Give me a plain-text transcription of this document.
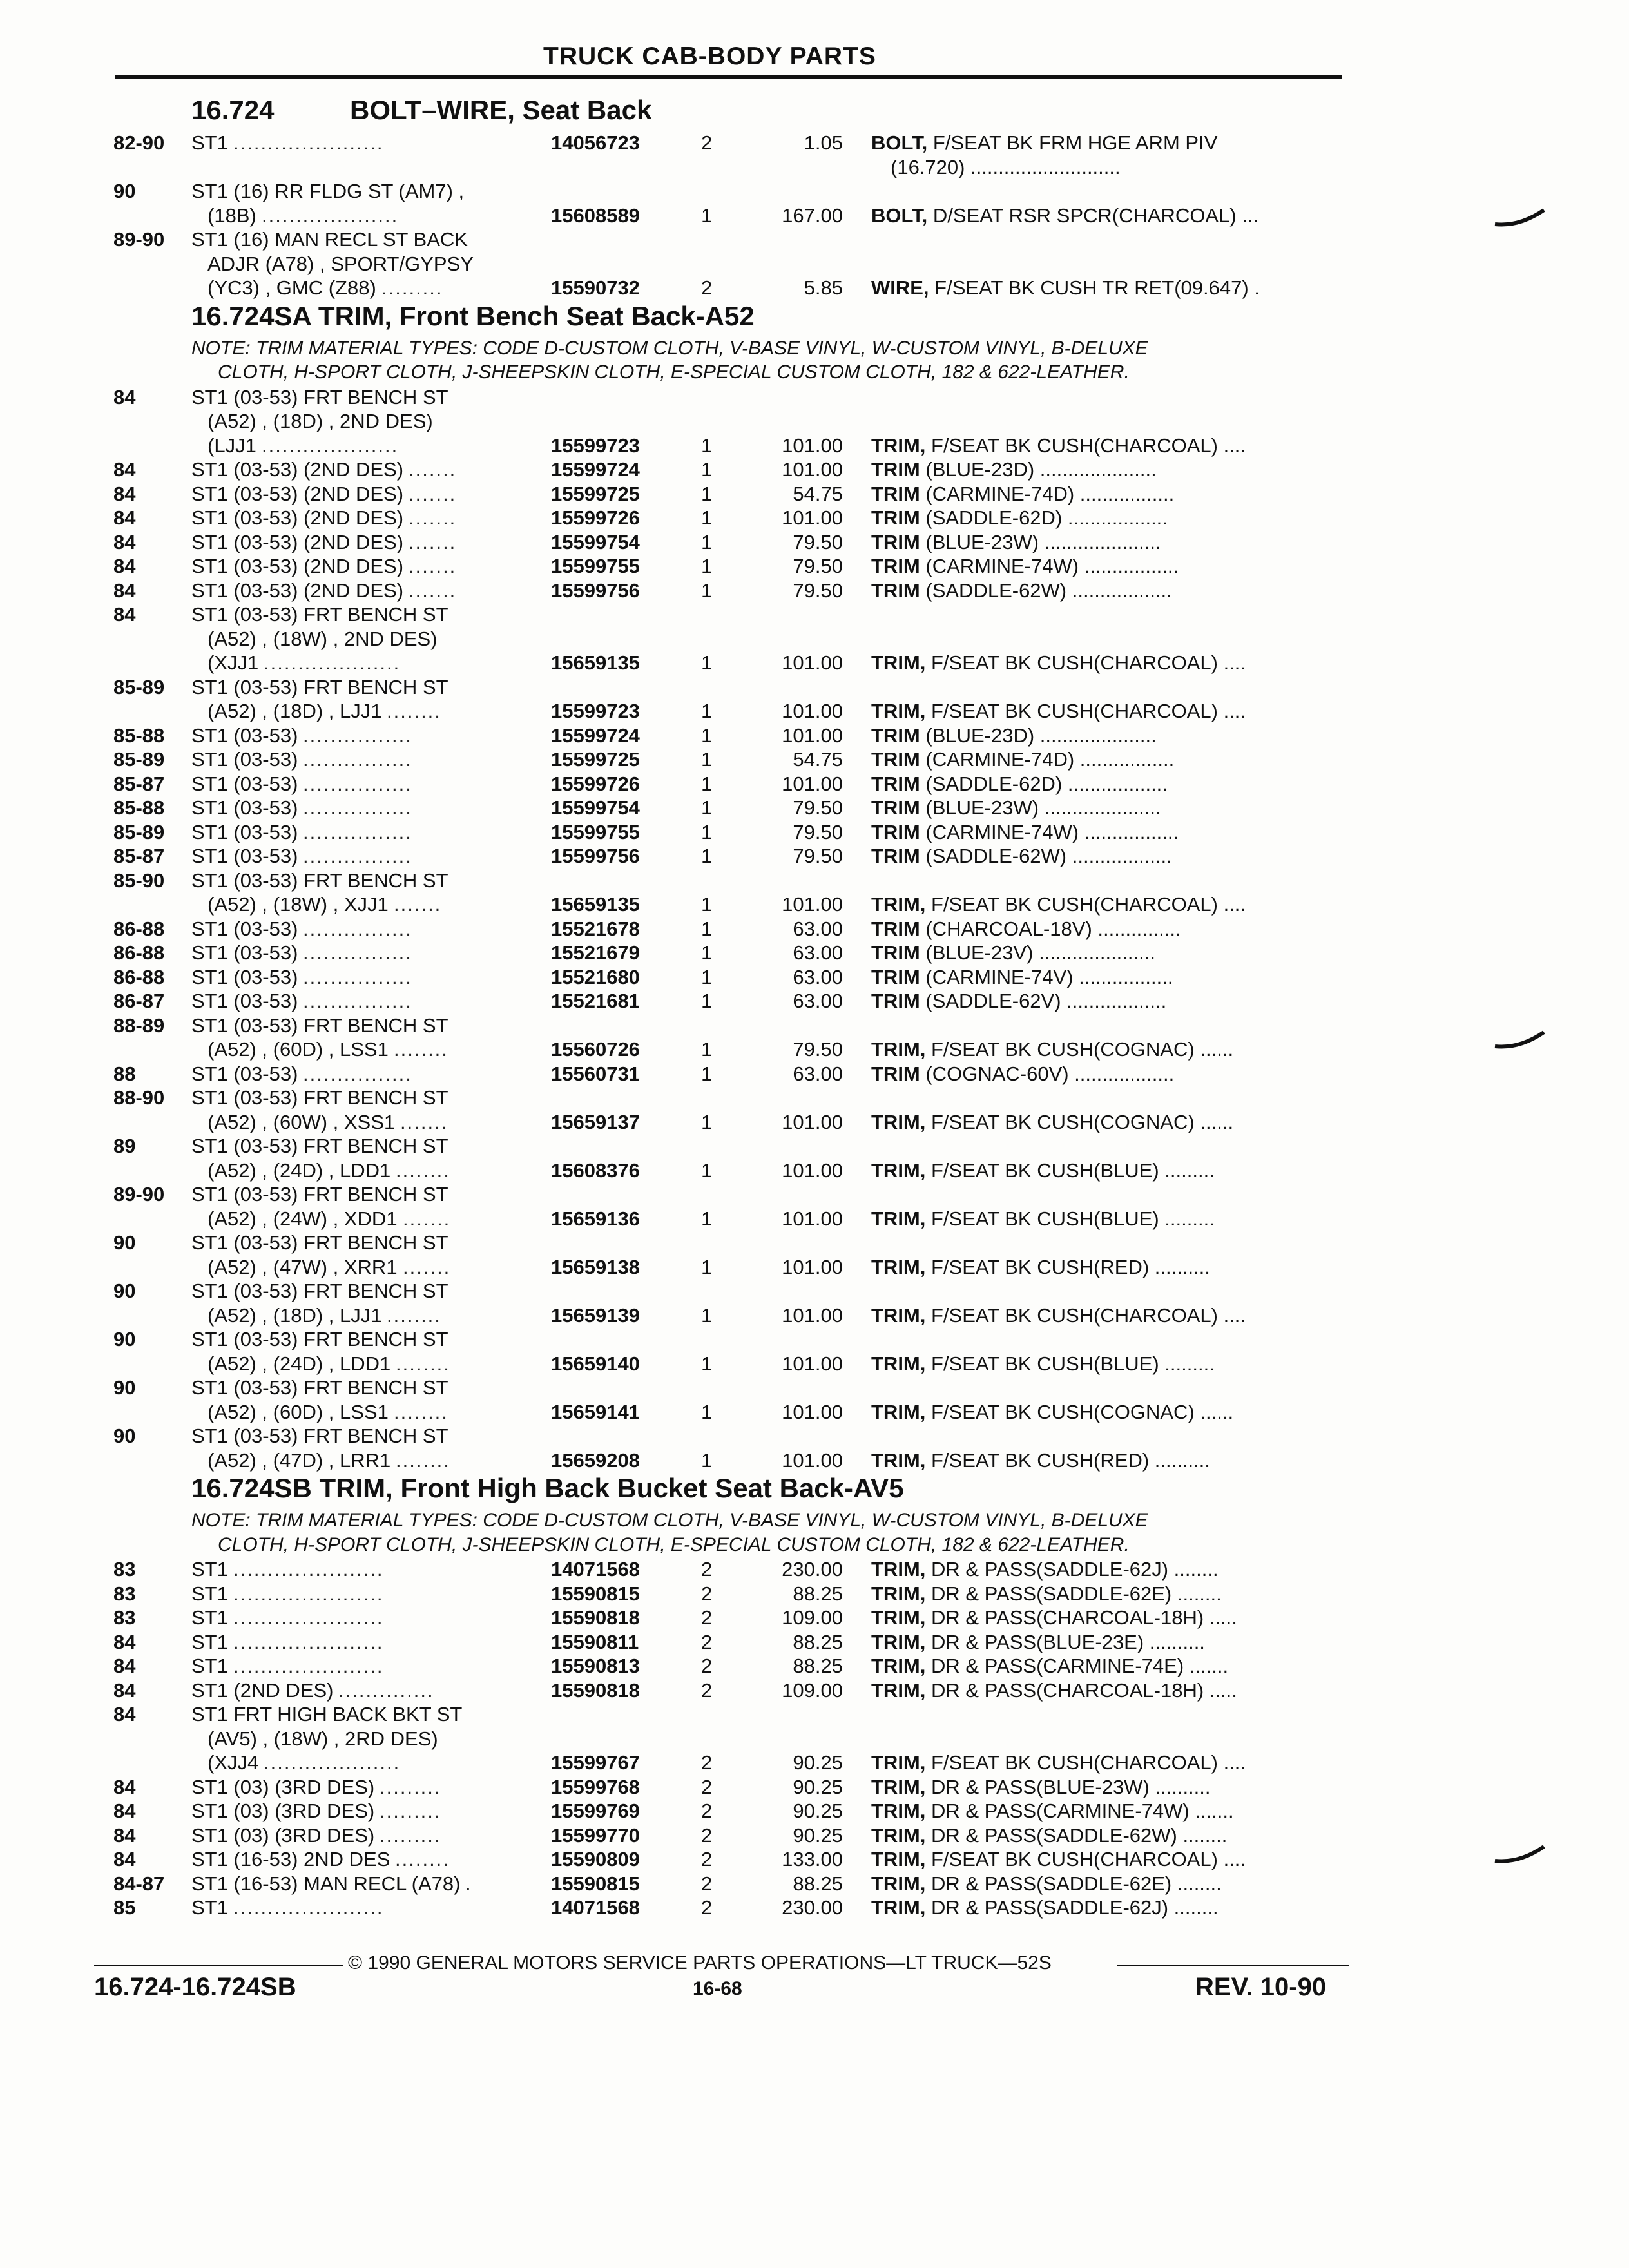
TRUCK CAB-BODY PARTS
16.724	BOLT–WIRE, Seat Back
82-90 ST1 ......................	14056723	2	1.05 BOLT, F/SEAT BK FRM HGE ARM PIV
(16.720) ...........................
90	ST1 (16) RR FLDG ST (AM7) ,
(18B) ....................	15608589	1	167.00 BOLT, D/SEAT RSR SPCR(CHARCOAL) ...
89-90 ST1 (16) MAN RECL ST BACK
ADJR (A78) , SPORT/GYPSY
(YC3) , GMC (Z88) .........	15590732	2	5.85 WIRE, F/SEAT BK CUSH TR RET(09.647) .
16.724SA TRIM, Front Bench Seat Back-A52
NOTE: TRIM MATERIAL TYPES: CODE D-CUSTOM CLOTH, V-BASE VINYL, W-CUSTOM VINYL, B-DELUXE
CLOTH, H-SPORT CLOTH, J-SHEEPSKIN CLOTH, E-SPECIAL CUSTOM CLOTH, 182 & 622-LEATHER.
84	ST1 (03-53) FRT BENCH ST
(A52) , (18D) , 2ND DES)
(LJJ1 ....................	15599723	1	101.00 TRIM, F/SEAT BK CUSH(CHARCOAL) ....
84	ST1 (03-53) (2ND DES) .......	15599724	1	101.00 TRIM (BLUE-23D) .....................
84	ST1 (03-53) (2ND DES) .......	15599725	1	54.75 TRIM (CARMINE-74D) .................
84	ST1 (03-53) (2ND DES) .......	15599726	1	101.00 TRIM (SADDLE-62D) ..................
84	ST1 (03-53) (2ND DES) .......	15599754	1	79.50 TRIM (BLUE-23W) .....................
84	ST1 (03-53) (2ND DES) .......	15599755	1	79.50 TRIM (CARMINE-74W) .................
84	ST1 (03-53) (2ND DES) .......	15599756	1	79.50 TRIM (SADDLE-62W) ..................
84	ST1 (03-53) FRT BENCH ST
(A52) , (18W) , 2ND DES)
(XJJ1 ....................	15659135	1	101.00 TRIM, F/SEAT BK CUSH(CHARCOAL) ....
85-89 ST1 (03-53) FRT BENCH ST
(A52) , (18D) , LJJ1 ........	15599723	1	101.00 TRIM, F/SEAT BK CUSH(CHARCOAL) ....
85-88 ST1 (03-53) ................	15599724	1	101.00 TRIM (BLUE-23D) .....................
85-89 ST1 (03-53) ................	15599725	1	54.75 TRIM (CARMINE-74D) .................
85-87 ST1 (03-53) ................	15599726	1	101.00 TRIM (SADDLE-62D) ..................
85-88 ST1 (03-53) ................	15599754	1	79.50 TRIM (BLUE-23W) .....................
85-89 ST1 (03-53) ................	15599755	1	79.50 TRIM (CARMINE-74W) .................
85-87 ST1 (03-53) ................	15599756	1	79.50 TRIM (SADDLE-62W) ..................
85-90 ST1 (03-53) FRT BENCH ST
(A52) , (18W) , XJJ1 .......	15659135	1	101.00 TRIM, F/SEAT BK CUSH(CHARCOAL) ....
86-88 ST1 (03-53) ................	15521678	1	63.00 TRIM (CHARCOAL-18V) ...............
86-88 ST1 (03-53) ................	15521679	1	63.00 TRIM (BLUE-23V) .....................
86-88 ST1 (03-53) ................	15521680	1	63.00 TRIM (CARMINE-74V) .................
86-87 ST1 (03-53) ................	15521681	1	63.00 TRIM (SADDLE-62V) ..................
88-89 ST1 (03-53) FRT BENCH ST
(A52) , (60D) , LSS1 ........	15560726	1	79.50 TRIM, F/SEAT BK CUSH(COGNAC) ......
88	ST1 (03-53) ................	15560731	1	63.00 TRIM (COGNAC-60V) ..................
88-90 ST1 (03-53) FRT BENCH ST
(A52) , (60W) , XSS1 .......	15659137	1	101.00 TRIM, F/SEAT BK CUSH(COGNAC) ......
89	ST1 (03-53) FRT BENCH ST
(A52) , (24D) , LDD1 ........	15608376	1	101.00 TRIM, F/SEAT BK CUSH(BLUE) .........
89-90 ST1 (03-53) FRT BENCH ST
(A52) , (24W) , XDD1 .......	15659136	1	101.00 TRIM, F/SEAT BK CUSH(BLUE) .........
90	ST1 (03-53) FRT BENCH ST
(A52) , (47W) , XRR1 .......	15659138	1	101.00 TRIM, F/SEAT BK CUSH(RED) ..........
90	ST1 (03-53) FRT BENCH ST
(A52) , (18D) , LJJ1 ........	15659139	1	101.00 TRIM, F/SEAT BK CUSH(CHARCOAL) ....
90	ST1 (03-53) FRT BENCH ST
(A52) , (24D) , LDD1 ........	15659140	1	101.00 TRIM, F/SEAT BK CUSH(BLUE) .........
90	ST1 (03-53) FRT BENCH ST
(A52) , (60D) , LSS1 ........	15659141	1	101.00 TRIM, F/SEAT BK CUSH(COGNAC) ......
90	ST1 (03-53) FRT BENCH ST
(A52) , (47D) , LRR1 ........	15659208	1	101.00 TRIM, F/SEAT BK CUSH(RED) ..........
16.724SB TRIM, Front High Back Bucket Seat Back-AV5
NOTE: TRIM MATERIAL TYPES: CODE D-CUSTOM CLOTH, V-BASE VINYL, W-CUSTOM VINYL, B-DELUXE
CLOTH, H-SPORT CLOTH, J-SHEEPSKIN CLOTH, E-SPECIAL CUSTOM CLOTH, 182 & 622-LEATHER.
83	ST1 ......................	14071568	2	230.00 TRIM, DR & PASS(SADDLE-62J) ........
83	ST1 ......................	15590815	2	88.25 TRIM, DR & PASS(SADDLE-62E) ........
83	ST1 ......................	15590818	2	109.00 TRIM, DR & PASS(CHARCOAL-18H) .....
84	ST1 ......................	15590811	2	88.25 TRIM, DR & PASS(BLUE-23E) ..........
84	ST1 ......................	15590813	2	88.25 TRIM, DR & PASS(CARMINE-74E) .......
84	ST1 (2ND DES) ..............	15590818	2	109.00 TRIM, DR & PASS(CHARCOAL-18H) .....
84	ST1 FRT HIGH BACK BKT ST
(AV5) , (18W) , 2RD DES)
(XJJ4 ....................	15599767	2	90.25 TRIM, F/SEAT BK CUSH(CHARCOAL) ....
84	ST1 (03) (3RD DES) .........	15599768	2	90.25 TRIM, DR & PASS(BLUE-23W) ..........
84	ST1 (03) (3RD DES) .........	15599769	2	90.25 TRIM, DR & PASS(CARMINE-74W) .......
84	ST1 (03) (3RD DES) .........	15599770	2	90.25 TRIM, DR & PASS(SADDLE-62W) ........
84	ST1 (16-53) 2ND DES ........	15590809	2	133.00 TRIM, F/SEAT BK CUSH(CHARCOAL) ....
84-87 ST1 (16-53) MAN RECL (A78) .	15590815	2	88.25 TRIM, DR & PASS(SADDLE-62E) ........
85	ST1 ......................	14071568	2	230.00 TRIM, DR & PASS(SADDLE-62J) ........
© 1990 GENERAL MOTORS SERVICE PARTS OPERATIONS—LT TRUCK—52S
16.724-16.724SB	16-68	REV. 10-90
